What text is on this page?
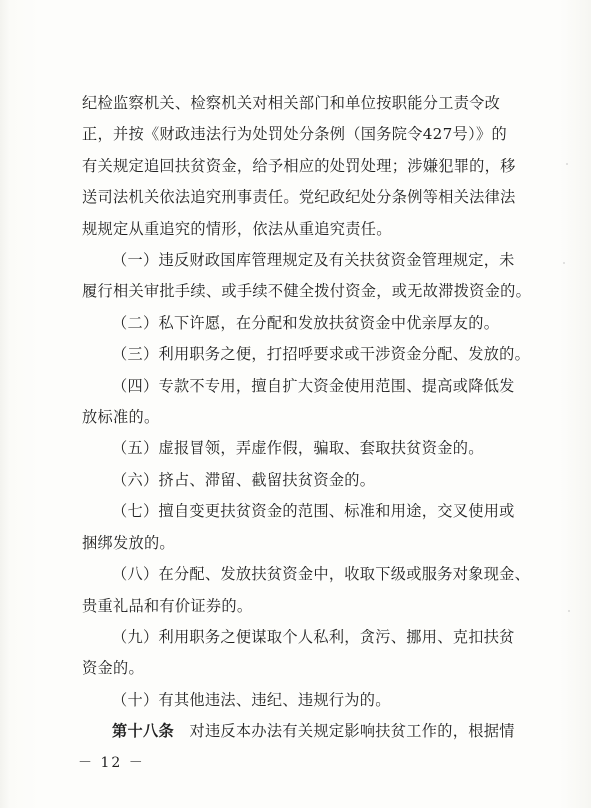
纪检监察机关、检察机关对相关部门和单位按职能分工责令改
正，并按《财政违法行为处罚处分条例（国务院令427号）》的
有关规定追回扶贫资金，给予相应的处罚处理；涉嫌犯罪的，移
送司法机关依法追究刑事责任。党纪政纪处分条例等相关法律法
规规定从重追究的情形，依法从重追究责任。

（一）违反财政国库管理规定及有关扶贫资金管理规定，未
履行相关审批手续、或手续不健全拨付资金，或无故滞拨资金的。

（二）私下许愿，在分配和发放扶贫资金中优亲厚友的。

（三）利用职务之便，打招呼要求或干涉资金分配、发放的。

（四）专款不专用，擅自扩大资金使用范围、提高或降低发
放标准的。

（五）虚报冒领，弄虚作假，骗取、套取扶贫资金的。

（六）挤占、滞留、截留扶贫资金的。

（七）擅自变更扶贫资金的范围、标准和用途，交叉使用或
捆绑发放的。

（八）在分配、发放扶贫资金中，收取下级或服务对象现金、
贵重礼品和有价证券的。

（九）利用职务之便谋取个人私利，贪污、挪用、克扣扶贫
资金的。

（十）有其他违法、违纪、违规行为的。

第十八条　 对违反本办法有关规定影响扶贫工作的，根据情

－ 12 －
